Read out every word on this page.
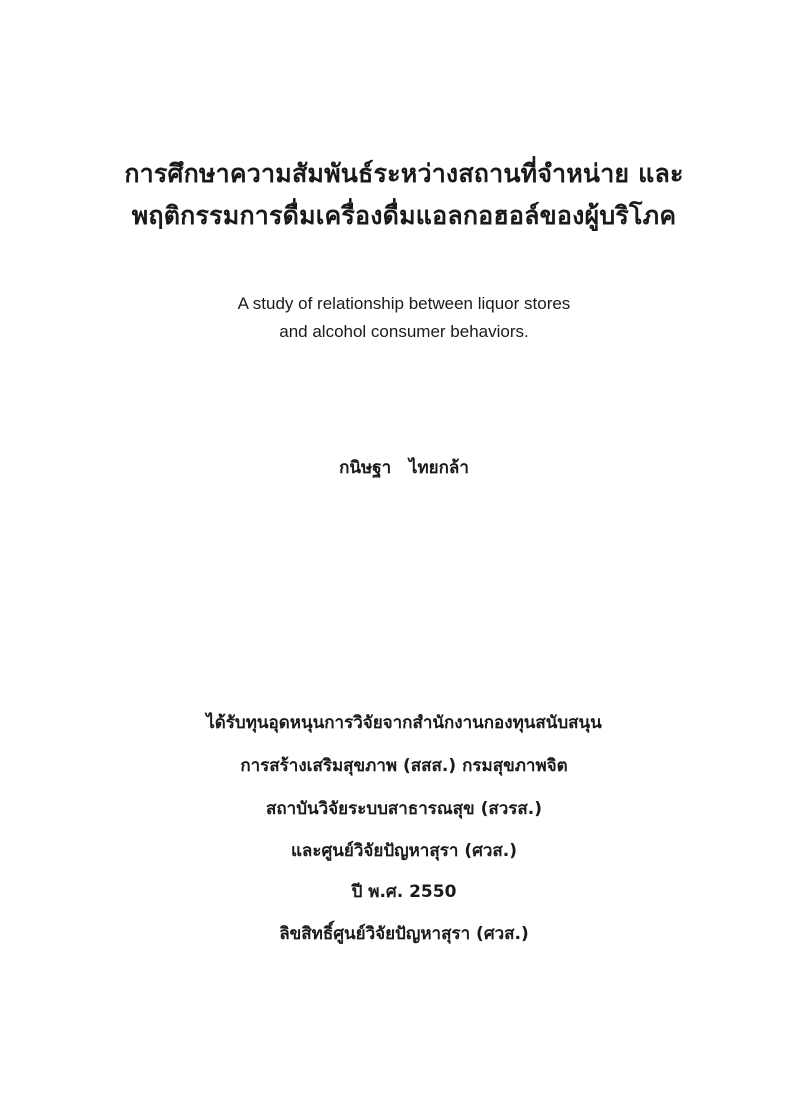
การศึกษาความสัมพันธ์ระหว่างสถานที่จำหน่าย และ
พฤติกรรมการดื่มเครื่องดื่มแอลกอฮอล์ของผู้บริโภค
A study of relationship between liquor stores
and alcohol consumer behaviors.
กนิษฐา   ไทยกล้า
ได้รับทุนอุดหนุนการวิจัยจากสำนักงานกองทุนสนับสนุน
การสร้างเสริมสุขภาพ (สสส.) กรมสุขภาพจิต
สถาบันวิจัยระบบสาธารณสุข (สวรส.)
และศูนย์วิจัยปัญหาสุรา (ศวส.)
ปี พ.ศ. 2550
ลิขสิทธิ์ศูนย์วิจัยปัญหาสุรา (ศวส.)
